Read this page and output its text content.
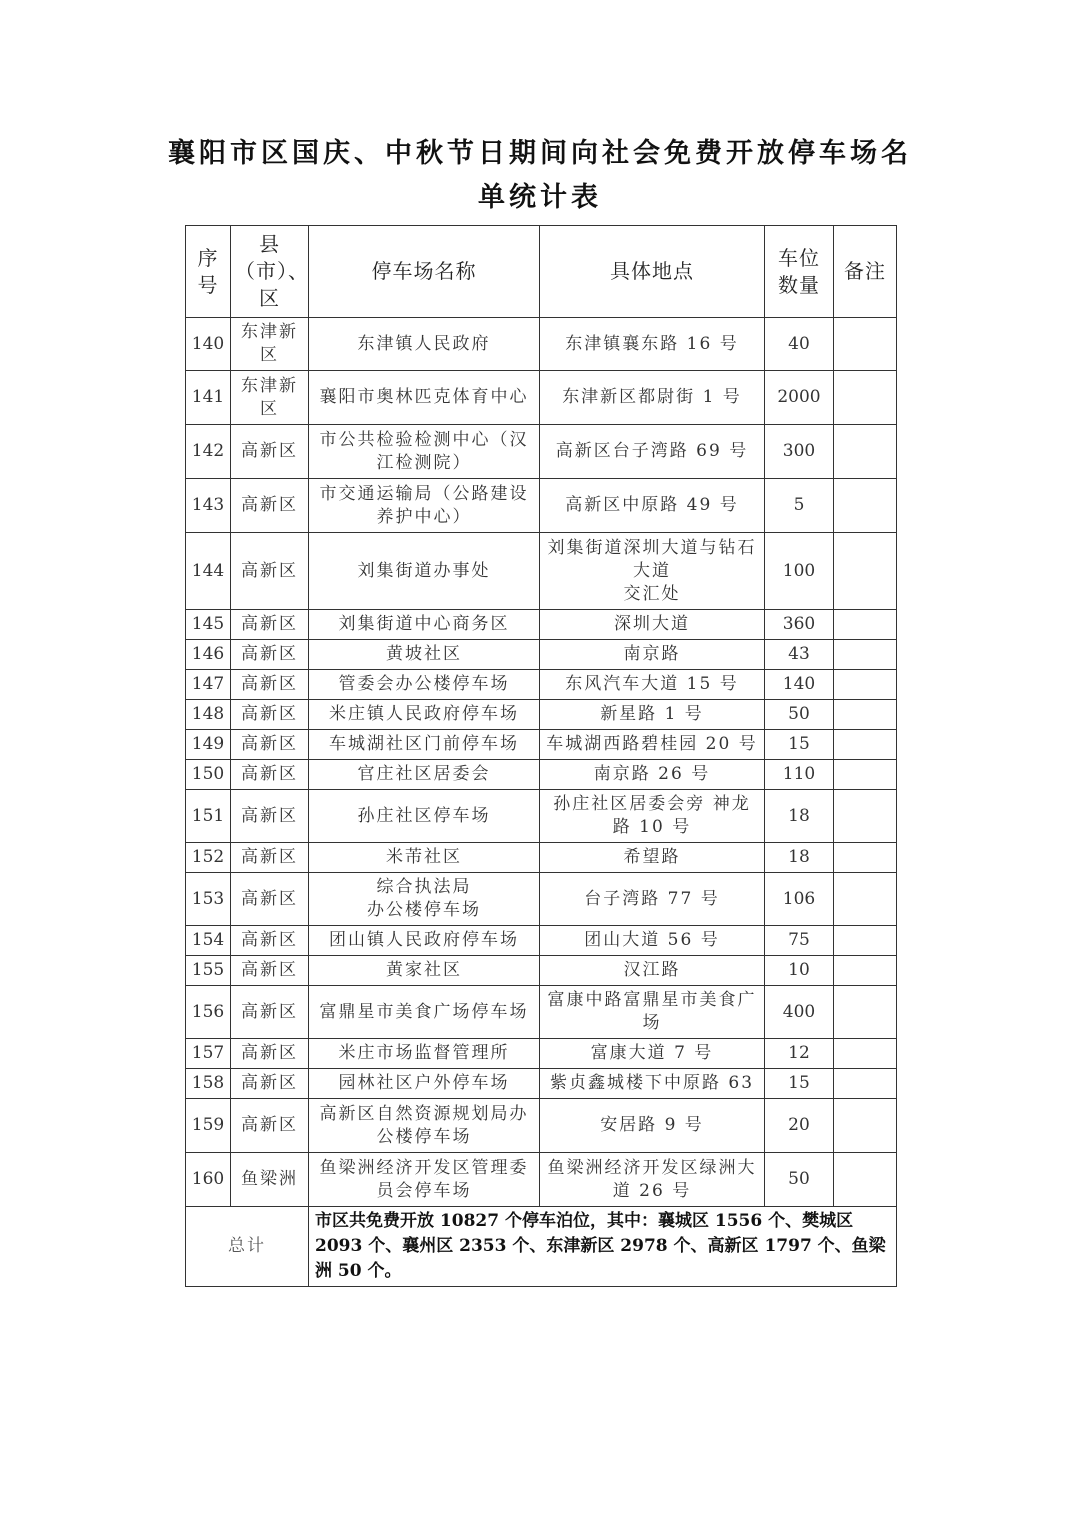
襄阳市区国庆、中秋节日期间向社会免费开放停车场名
单统计表
序号	县（市）、区	停车场名称	具体地点	车位数量	备注
140	东津新区	东津镇人民政府	东津镇襄东路 16 号	40	
141	东津新区	襄阳市奥林匹克体育中心	东津新区都尉街 1 号	2000	
142	高新区	市公共检验检测中心（汉江检测院）	高新区台子湾路 69 号	300	
143	高新区	市交通运输局（公路建设养护中心）	高新区中原路 49 号	5	
144	高新区	刘集街道办事处	刘集街道深圳大道与钻石大道
交汇处	100	
145	高新区	刘集街道中心商务区	深圳大道	360	
146	高新区	黄坡社区	南京路	43	
147	高新区	管委会办公楼停车场	东风汽车大道 15 号	140	
148	高新区	米庄镇人民政府停车场	新星路 1 号	50	
149	高新区	车城湖社区门前停车场	车城湖西路碧桂园 20 号	15	
150	高新区	官庄社区居委会	南京路 26 号	110	
151	高新区	孙庄社区停车场	孙庄社区居委会旁 神龙路 10 号	18	
152	高新区	米芾社区	希望路	18	
153	高新区	综合执法局
办公楼停车场	台子湾路 77 号	106	
154	高新区	团山镇人民政府停车场	团山大道 56 号	75	
155	高新区	黄家社区	汉江路	10	
156	高新区	富鼎星市美食广场停车场	富康中路富鼎星市美食广场	400	
157	高新区	米庄市场监督管理所	富康大道 7 号	12	
158	高新区	园林社区户外停车场	紫贞鑫城楼下中原路 63	15	
159	高新区	高新区自然资源规划局办公楼停车场	安居路 9 号	20	
160	鱼梁洲	鱼梁洲经济开发区管理委员会停车场	鱼梁洲经济开发区绿洲大道 26 号	50	
总计		市区共免费开放 10827 个停车泊位，其中：襄城区 1556 个、樊城区 2093 个、襄州区 2353 个、东津新区 2978 个、高新区 1797 个、鱼梁洲 50 个。			
